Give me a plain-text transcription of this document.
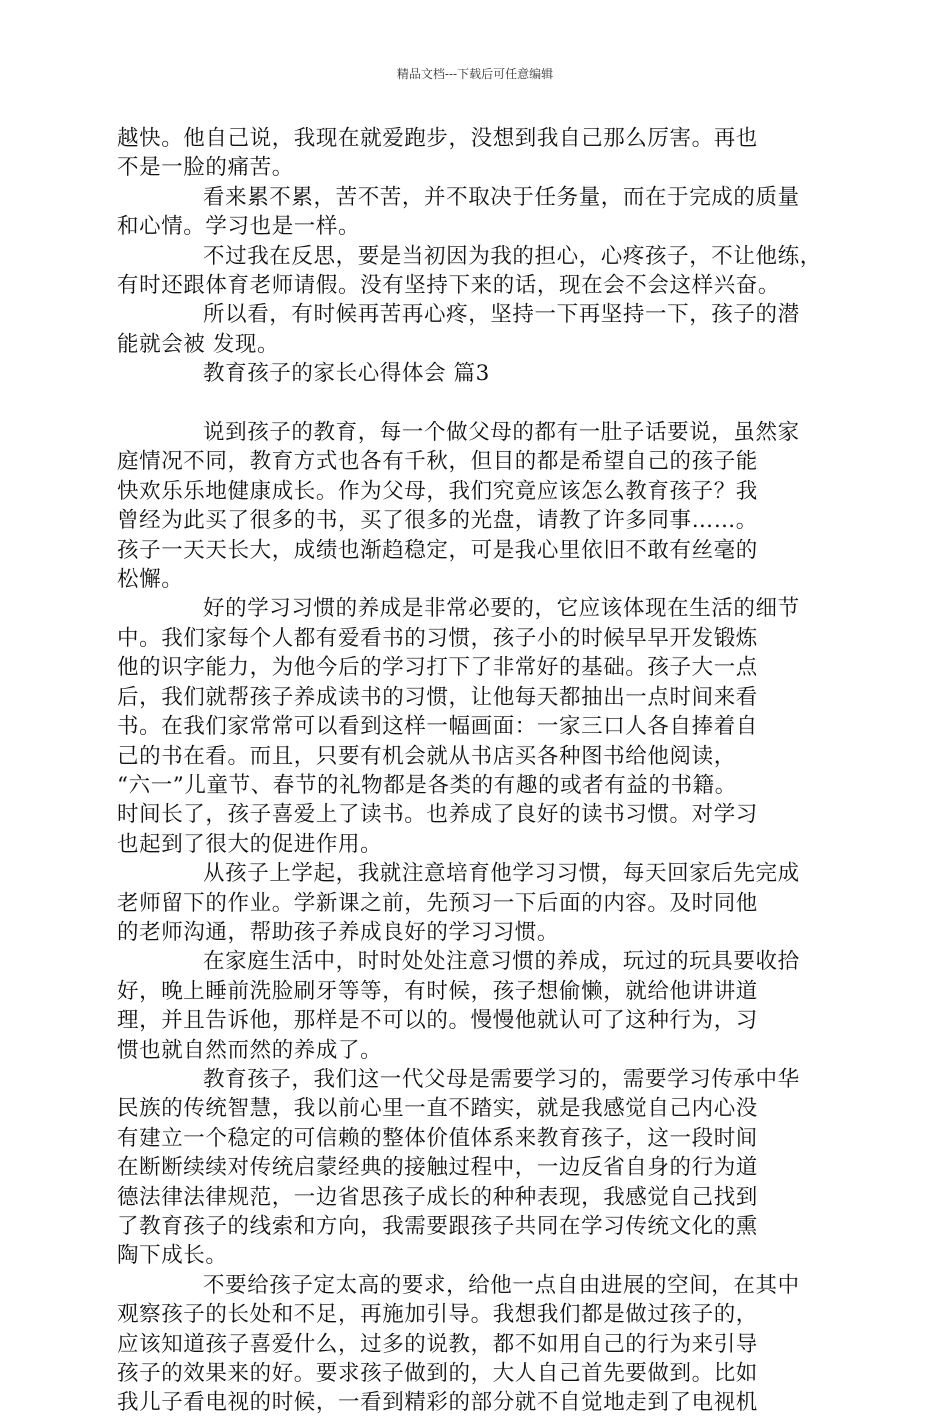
精品文档---下载后可任意编辑

越快。他自己说，我现在就爱跑步，没想到我自己那么厉害。再也
不是一脸的痛苦。

看来累不累，苦不苦，并不取决于任务量，而在于完成的质量
和心情。学习也是一样。

不过我在反思，要是当初因为我的担心，心疼孩子，不让他练，
有时还跟体育老师请假。没有坚持下来的话，现在会不会这样兴奋。

所以看，有时候再苦再心疼，坚持一下再坚持一下，孩子的潜
能就会被 发现。

教育孩子的家长心得体会 篇3

说到孩子的教育，每一个做父母的都有一肚子话要说，虽然家
庭情况不同，教育方式也各有千秋，但目的都是希望自己的孩子能
快欢乐乐地健康成长。作为父母，我们究竟应该怎么教育孩子？我
曾经为此买了很多的书，买了很多的光盘，请教了许多同事……。
孩子一天天长大，成绩也渐趋稳定，可是我心里依旧不敢有丝毫的
松懈。

好的学习习惯的养成是非常必要的，它应该体现在生活的细节
中。我们家每个人都有爱看书的习惯，孩子小的时候早早开发锻炼
他的识字能力，为他今后的学习打下了非常好的基础。孩子大一点
后，我们就帮孩子养成读书的习惯，让他每天都抽出一点时间来看
书。在我们家常常可以看到这样一幅画面：一家三口人各自捧着自
己的书在看。而且，只要有机会就从书店买各种图书给他阅读，
“六一”儿童节、春节的礼物都是各类的有趣的或者有益的书籍。
时间长了，孩子喜爱上了读书。也养成了良好的读书习惯。对学习
也起到了很大的促进作用。

从孩子上学起，我就注意培育他学习习惯，每天回家后先完成
老师留下的作业。学新课之前，先预习一下后面的内容。及时同他
的老师沟通，帮助孩子养成良好的学习习惯。

在家庭生活中，时时处处注意习惯的养成，玩过的玩具要收拾
好，晚上睡前洗脸刷牙等等，有时候，孩子想偷懒，就给他讲讲道
理，并且告诉他，那样是不可以的。慢慢他就认可了这种行为，习
惯也就自然而然的养成了。

教育孩子，我们这一代父母是需要学习的，需要学习传承中华
民族的传统智慧，我以前心里一直不踏实，就是我感觉自己内心没
有建立一个稳定的可信赖的整体价值体系来教育孩子，这一段时间
在断断续续对传统启蒙经典的接触过程中，一边反省自身的行为道
德法律法律规范，一边省思孩子成长的种种表现，我感觉自己找到
了教育孩子的线索和方向，我需要跟孩子共同在学习传统文化的熏
陶下成长。

不要给孩子定太高的要求，给他一点自由进展的空间，在其中
观察孩子的长处和不足，再施加引导。我想我们都是做过孩子的，
应该知道孩子喜爱什么，过多的说教，都不如用自己的行为来引导
孩子的效果来的好。要求孩子做到的，大人自己首先要做到。比如
我儿子看电视的时候，一看到精彩的部分就不自觉地走到了电视机
